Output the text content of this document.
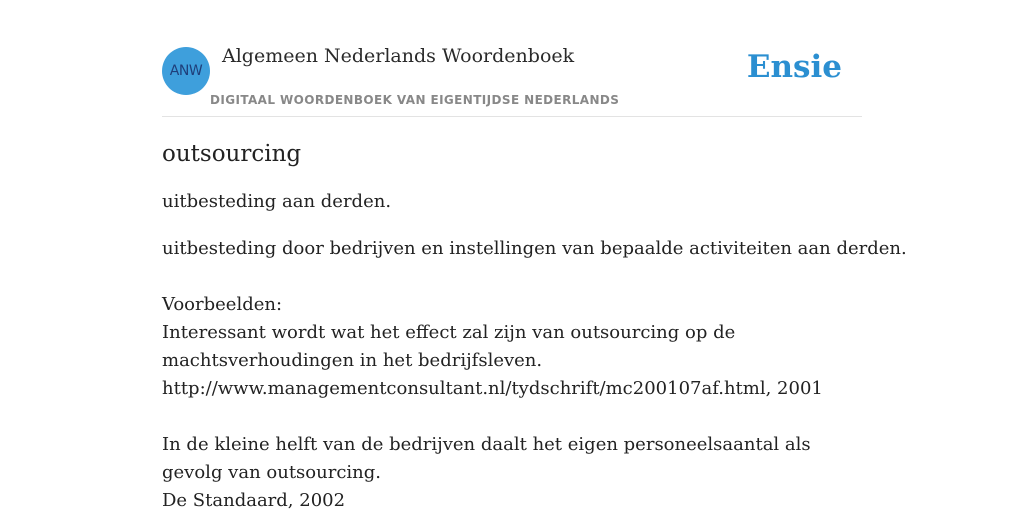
ANW
Algemeen Nederlands Woordenboek
DIGITAAL WOORDENBOEK VAN EIGENTIJDSE NEDERLANDS
Ensie
outsourcing

uitbesteding aan derden.

uitbesteding door bedrijven en instellingen van bepaalde activiteiten aan derden.

Voorbeelden:

Interessant wordt wat het effect zal zijn van outsourcing op de machtsverhoudingen in het bedrijfsleven.
http://www.managementconsultant.nl/tydschrift/mc200107af.html, 2001
In de kleine helft van de bedrijven daalt het eigen personeelsaantal als gevolg van outsourcing.
De Standaard, 2002
